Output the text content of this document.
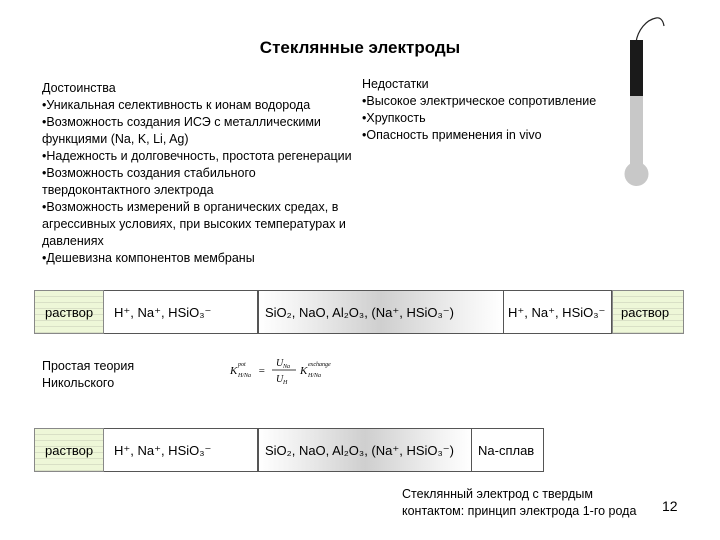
Стеклянные электроды
Достоинства
•Уникальная селективность к ионам водорода
•Возможность создания ИСЭ с металлическими функциями (Na, K, Li, Ag)
•Надежность и долговечность, простота регенерации
•Возможность создания стабильного твердоконтактного электрода
•Возможность измерений в органических средах, в агрессивных условиях, при высоких температурах и давлениях
•Дешевизна компонентов мембраны
Недостатки
•Высокое электрическое сопротивление
•Хрупкость
•Опасность применения in vivo
раствор H⁺, Na⁺, HSiO₃⁻	SiO₂, NaO, Al₂O₃, (Na⁺, HSiO₃⁻)	H⁺, Na⁺, HSiO₃⁻ раствор
Простая теория Никольского
K H/Na
pot =
U Na
U H
K H/Na
exchange
раствор H⁺, Na⁺, HSiO₃⁻	SiO₂, NaO, Al₂O₃, (Na⁺, HSiO₃⁻) Na-сплав
Стеклянный электрод с твердым контактом: принцип электрода 1-го рода	12
